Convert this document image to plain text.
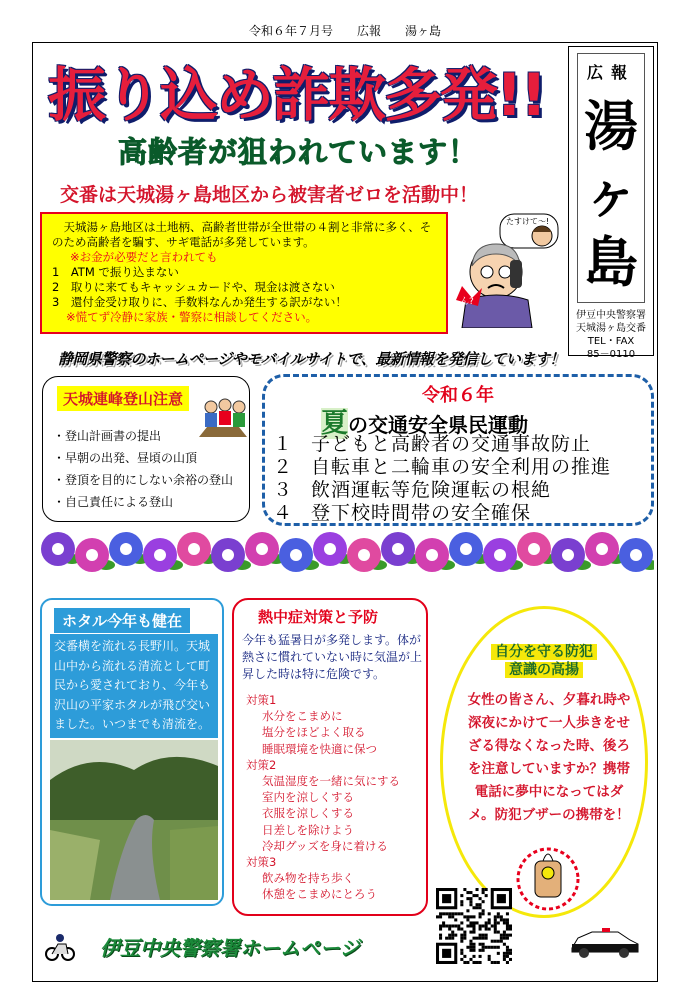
令和６年７月号　　広報　　湯ヶ島
振り込め詐欺多発!!
高齢者が狙われています！
交番は天城湯ヶ島地区から被害者ゼロを活動中！
広報
湯
ヶ
島
伊豆中央警察署
天城湯ヶ島交番
TEL・FAX
85－0110
　天城湯ヶ島地区は土地柄、高齢者世帯が全世帯の４割と非常に多く、そのため高齢者を騙す、サギ電話が多発しています。
※お金が必要だと言われても
1　ATM で振り込まない
2　取りに来てもキャッシュカードや、現金は渡さない
3　還付金受け取りに、手数料なんか発生する訳がない！
※慌てず冷静に家族・警察に相談してください。
たすけて〜!
ん?
静岡県警察のホームページやモバイルサイトで、最新情報を発信しています！
天城連峰登山注意
・登山計画書の提出
・早朝の出発、昼頃の山頂
・登頂を目的にしない余裕の登山
・自己責任による登山
令和６年
夏の交通安全県民運動
１ 子どもと高齢者の交通事故防止
２ 自転車と二輪車の安全利用の推進
３ 飲酒運転等危険運転の根絶
４ 登下校時間帯の安全確保
ホタル今年も健在
交番横を流れる長野川。天城山中から流れる清流として町民から愛されており、今年も沢山の平家ホタルが飛び交いました。いつまでも清流を。
熱中症対策と予防
今年も猛暑日が多発します。体が熱さに慣れていない時に気温が上昇した時は特に危険です。
対策1
水分をこまめに
塩分をほどよく取る
睡眠環境を快適に保つ
対策2
気温湿度を一緒に気にする
室内を涼しくする
衣服を涼しくする
日差しを除けよう
冷却グッズを身に着ける
対策3
飲み物を持ち歩く
休憩をこまめにとろう
自分を守る防犯
意識の高揚
女性の皆さん、夕暮れ時や深夜にかけて一人歩きをせざる得なくなった時、後ろを注意していますか？携帯電話に夢中になってはダメ。防犯ブザーの携帯を！
伊豆中央警察署ホームページ
